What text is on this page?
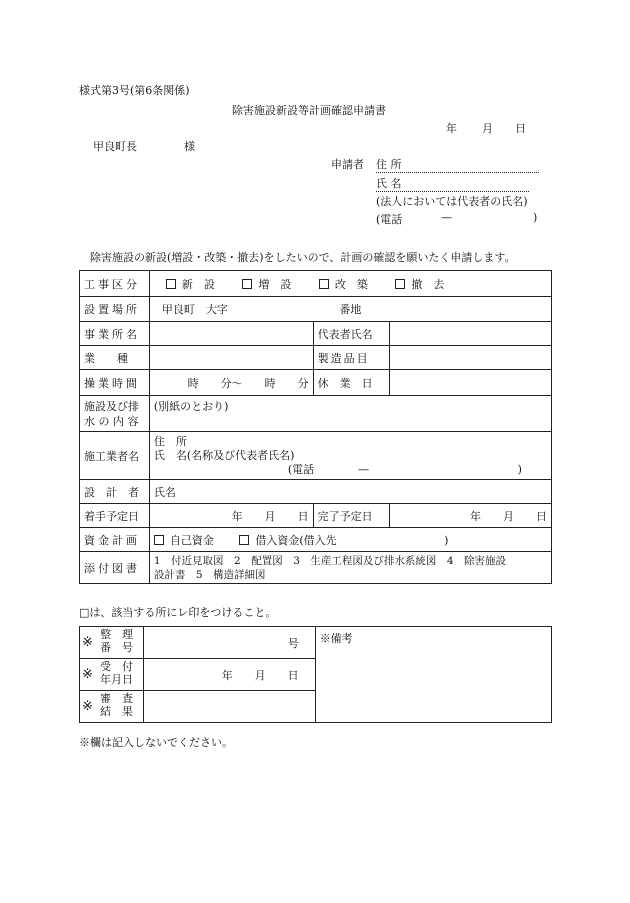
様式第3号(第6条関係)
除害施設新設等計画確認申請書
年 月 日
甲良町長	様
申請者 住 所
氏 名
(法人においては代表者の氏名)
(電話	—	)
除害施設の新設(増設・改築・撤去)をしたいので、計画の確認を願いたく申請します。
工事区分	新　設 増　設 改　築 撤　去		
設置場所	甲良町　大字 番地		
事業所名		代表者氏名	
業　　種		製造品目	
操業時間	時　　分～　　時　　分	休　業　日	

施設及び排
水 の 内 容	(別紙のとおり)		
施工業者名	住　所
氏　名(名称及び代表者氏名)
(電話　　　　— )		

設　計　者	氏名		
着手予定日	年　　月　　日	完了予定日	年　　月　　日
資金計画	自己資金 借入資金(借入先 )		
添付図書	1　付近見取図　2　配置図　3　生産工程図及び排水系統図　4　除害施設
設計書　5　構造詳細図		
□は、該当する所にレ印をつけること。
※
整　理
番　号	号	※備考

※
受　付
年月日	年　　月　　日	

※
審　査
結　果		

※欄は記入しないでください。
